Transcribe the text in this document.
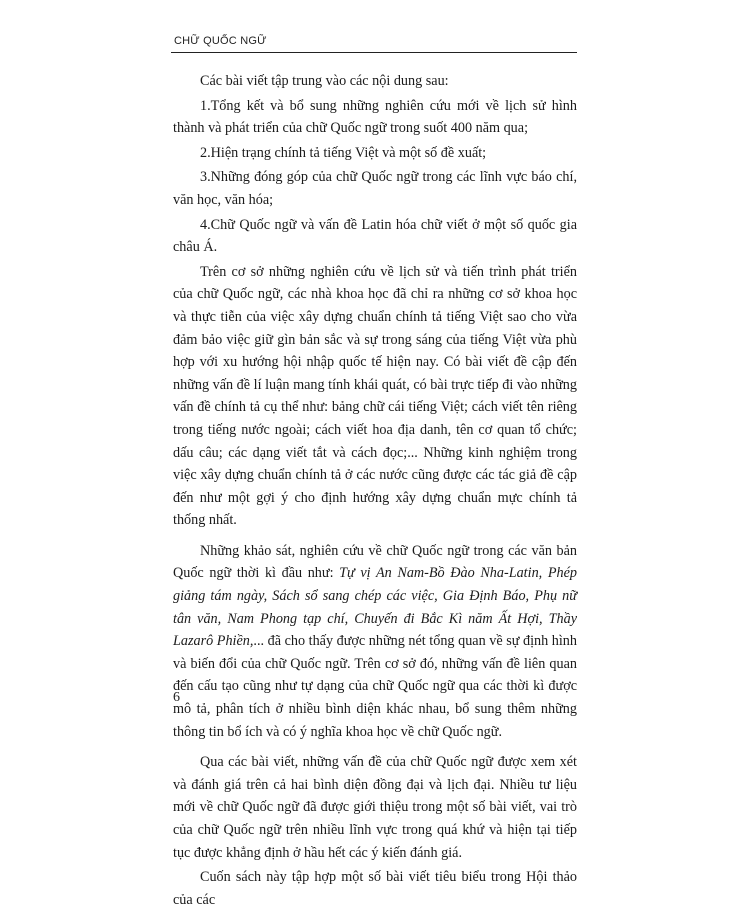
CHỮ QUỐC NGỮ

Các bài viết tập trung vào các nội dung sau:

1.Tổng kết và bổ sung những nghiên cứu mới về lịch sử hình thành và phát triển của chữ Quốc ngữ trong suốt 400 năm qua;

2.Hiện trạng chính tả tiếng Việt và một số đề xuất;

3.Những đóng góp của chữ Quốc ngữ trong các lĩnh vực báo chí, văn học, văn hóa;

4.Chữ Quốc ngữ và vấn đề Latin hóa chữ viết ở một số quốc gia châu Á.

Trên cơ sở những nghiên cứu về lịch sử và tiến trình phát triển của chữ Quốc ngữ, các nhà khoa học đã chỉ ra những cơ sở khoa học và thực tiễn của việc xây dựng chuẩn chính tả tiếng Việt sao cho vừa đảm bảo việc giữ gìn bản sắc và sự trong sáng của tiếng Việt vừa phù hợp với xu hướng hội nhập quốc tế hiện nay. Có bài viết đề cập đến những vấn đề lí luận mang tính khái quát, có bài trực tiếp đi vào những vấn đề chính tả cụ thể như: bảng chữ cái tiếng Việt; cách viết tên riêng trong tiếng nước ngoài; cách viết hoa địa danh, tên cơ quan tổ chức; dấu câu; các dạng viết tắt và cách đọc;... Những kinh nghiệm trong việc xây dựng chuẩn chính tả ở các nước cũng được các tác giả đề cập đến như một gợi ý cho định hướng xây dựng chuẩn mực chính tả thống nhất.

Những khảo sát, nghiên cứu về chữ Quốc ngữ trong các văn bản Quốc ngữ thời kì đầu như: Tự vị An Nam-Bồ Đào Nha-Latin, Phép giảng tám ngày, Sách sổ sang chép các việc, Gia Định Báo, Phụ nữ tân văn, Nam Phong tạp chí, Chuyến đi Bắc Kì năm Ất Hợi, Thầy Lazarô Phiền,... đã cho thấy được những nét tổng quan về sự định hình và biến đổi của chữ Quốc ngữ. Trên cơ sở đó, những vấn đề liên quan đến cấu tạo cũng như tự dạng của chữ Quốc ngữ qua các thời kì được mô tả, phân tích ở nhiều bình diện khác nhau, bổ sung thêm những thông tin bổ ích và có ý nghĩa khoa học về chữ Quốc ngữ.

Qua các bài viết, những vấn đề của chữ Quốc ngữ được xem xét và đánh giá trên cả hai bình diện đồng đại và lịch đại. Nhiều tư liệu mới về chữ Quốc ngữ đã được giới thiệu trong một số bài viết, vai trò của chữ Quốc ngữ trên nhiều lĩnh vực trong quá khứ và hiện tại tiếp tục được khẳng định ở hầu hết các ý kiến đánh giá.

Cuốn sách này tập hợp một số bài viết tiêu biểu trong Hội thảo của các

6
